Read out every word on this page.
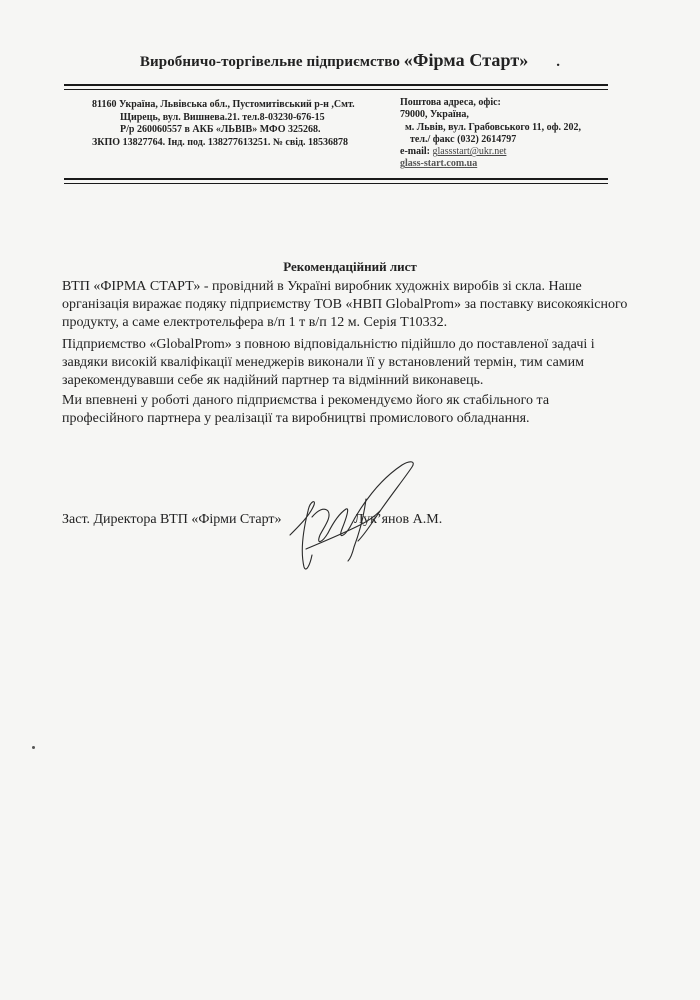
Виробничо-торгівельне підприємство «Фірма Старт» .
81160 Україна, Львівська обл., Пустомитівський р-н ,Смт.
Щирець, вул. Вишнева.21. тел.8-03230-676-15
Р/р 260060557 в АКБ «ЛЬВІВ» МФО 325268.
ЗКПО 13827764. Інд. под. 138277613251. № свід. 18536878
Поштова адреса, офіс:
79000, Україна,
м. Львів, вул. Грабовського 11, оф. 202,
тел./ факс (032) 2614797
e-mail: glassstart@ukr.net
glass-start.com.ua
Рекомендаційний лист

ВТП «ФІРМА СТАРТ» - провідний в Україні виробник художніх виробів зі скла. Наше організація виражає подяку підприємству ТОВ «НВП GlobalProm» за поставку високоякісного продукту, а саме електротельфера в/п 1 т в/п 12 м. Серія Т10332.

Підприємство «GlobalProm» з повною відповідальністю підійшло до поставленої задачі і завдяки високій кваліфікації менеджерів виконали її у встановлений термін, тим самим зарекомендувавши себе як надійний партнер та відмінний виконавець.

Ми впевнені у роботі даного підприємства і рекомендуємо його як стабільного та професійного партнера у реалізації та виробництві промислового обладнання.

Заст. Директора ВТП «Фірми Старт»	Лук’янов А.М.
